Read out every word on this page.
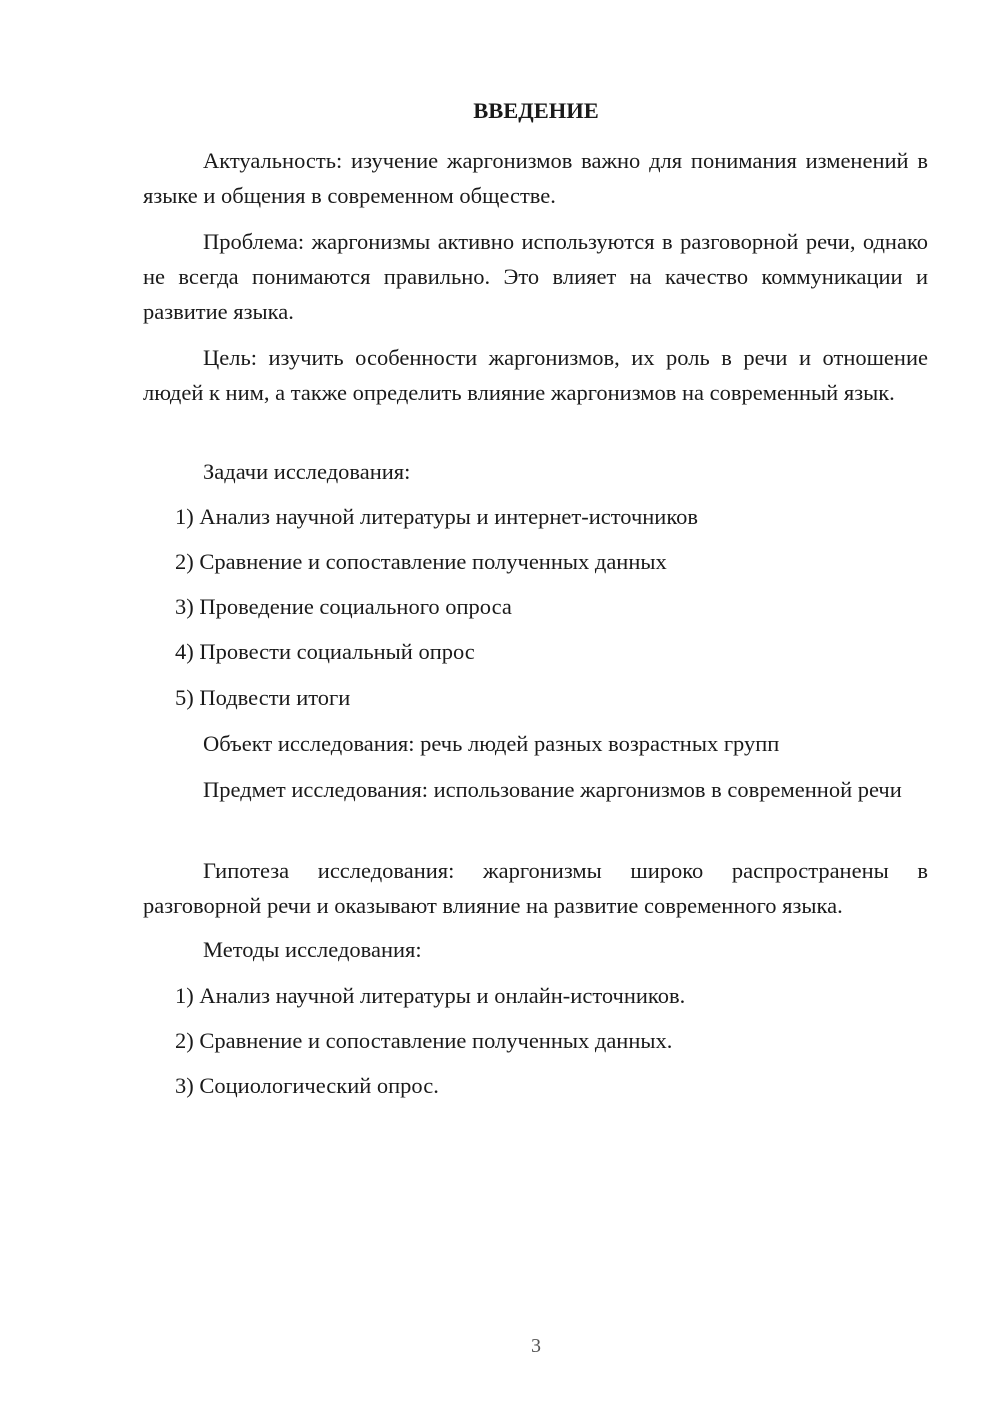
ВВЕДЕНИЕ

Актуальность: изучение жаргонизмов важно для понимания изменений в языке и общения в современном обществе.

Проблема: жаргонизмы активно используются в разговорной речи, однако не всегда понимаются правильно. Это влияет на качество коммуникации и развитие языка.

Цель: изучить особенности жаргонизмов, их роль в речи и отношение людей к ним, а также определить влияние жаргонизмов на современный язык.

Задачи исследования:
1) Анализ научной литературы и интернет-источников
2) Сравнение и сопоставление полученных данных
3) Проведение социального опроса
4) Провести социальный опрос
5) Подвести итоги
Объект исследования: речь людей разных возрастных групп

Предмет исследования: использование жаргонизмов в современной речи

Гипотеза исследования: жаргонизмы широко распространены в разговорной речи и оказывают влияние на развитие современного языка.

Методы исследования:
1) Анализ научной литературы и онлайн-источников.
2) Сравнение и сопоставление полученных данных.
3) Социологический опрос.
3
